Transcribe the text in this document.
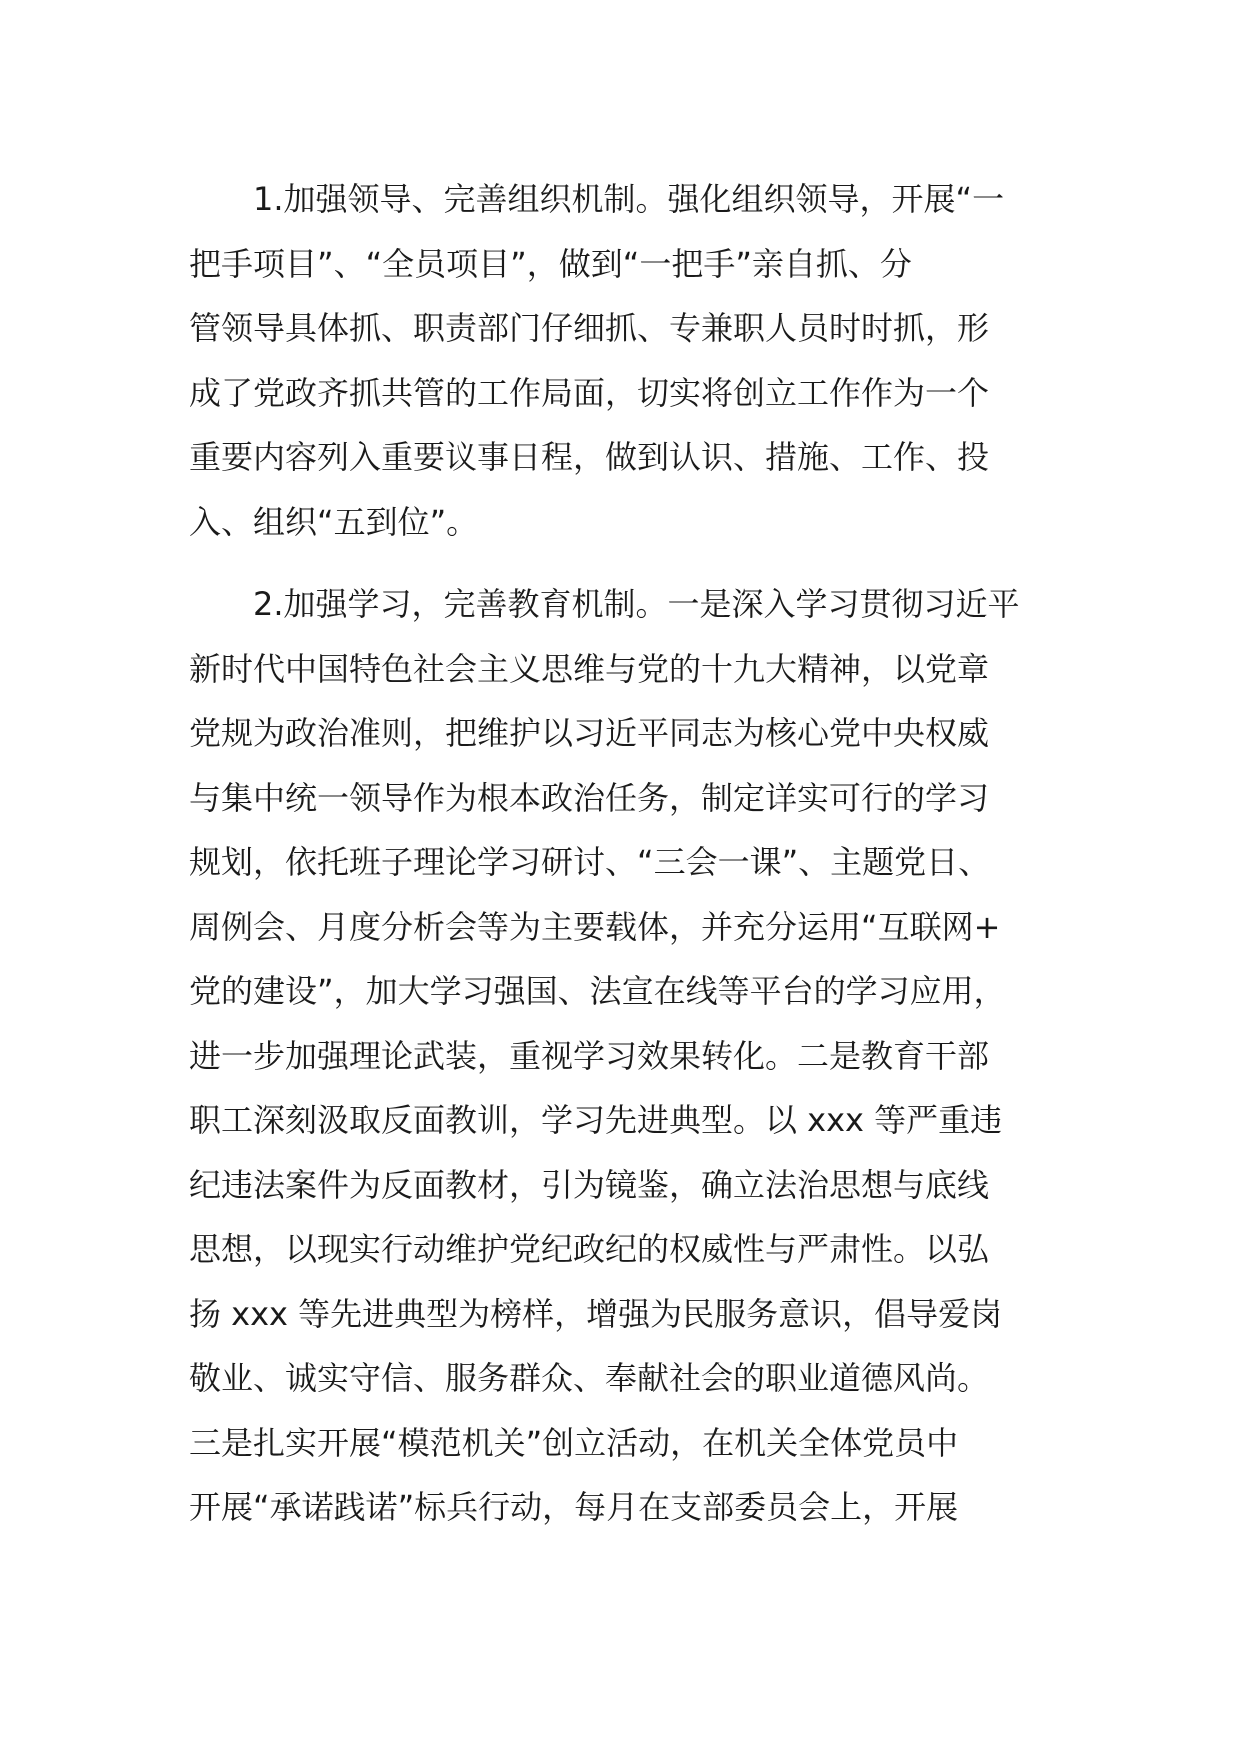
1.加强领导、完善组织机制。强化组织领导，开展“一
把手项目”、“全员项目”，做到“一把手”亲自抓、分
管领导具体抓、职责部门仔细抓、专兼职人员时时抓，形
成了党政齐抓共管的工作局面，切实将创立工作作为一个
重要内容列入重要议事日程，做到认识、措施、工作、投
入、组织“五到位”。

2.加强学习，完善教育机制。一是深入学习贯彻习近平
新时代中国特色社会主义思维与党的十九大精神，以党章
党规为政治准则，把维护以习近平同志为核心党中央权威
与集中统一领导作为根本政治任务，制定详实可行的学习
规划，依托班子理论学习研讨、“三会一课”、主题党日、
周例会、月度分析会等为主要载体，并充分运用“互联网+
党的建设”，加大学习强国、法宣在线等平台的学习应用，
进一步加强理论武装，重视学习效果转化。二是教育干部
职工深刻汲取反面教训，学习先进典型。以 xxx 等严重违
纪违法案件为反面教材，引为镜鉴，确立法治思想与底线
思想，以现实行动维护党纪政纪的权威性与严肃性。以弘
扬 xxx 等先进典型为榜样，增强为民服务意识，倡导爱岗
敬业、诚实守信、服务群众、奉献社会的职业道德风尚。
三是扎实开展“模范机关”创立活动，在机关全体党员中
开展“承诺践诺”标兵行动，每月在支部委员会上，开展
